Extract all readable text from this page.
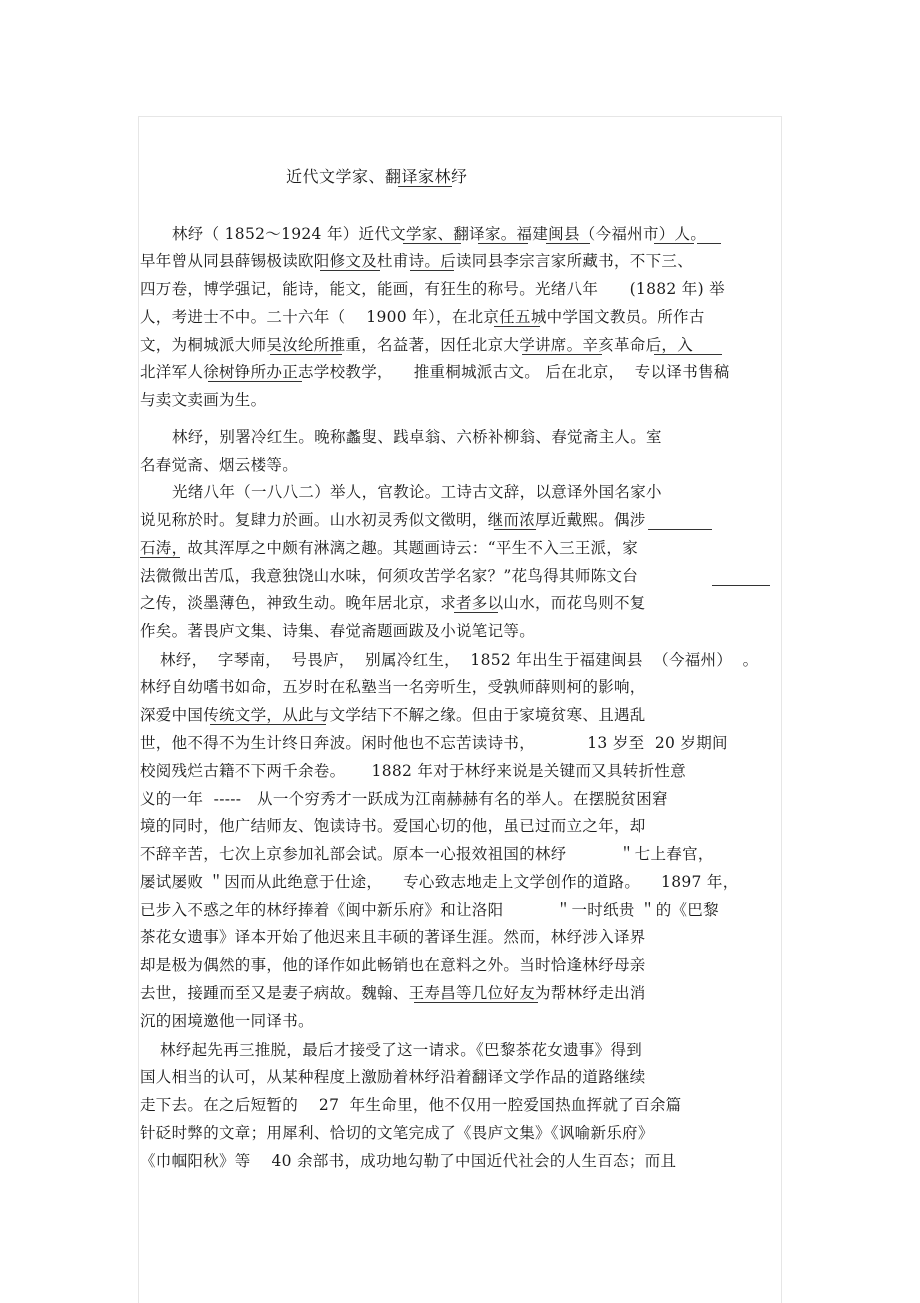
近代文学家、翻译家林纾
林纾（ 1852～1924 年）近代文学家、翻译家。福建闽县（今福州市）人。
早年曾从同县薛锡极读欧阳修文及杜甫诗。后读同县李宗言家所藏书，不下三、
四万卷，博学强记，能诗，能文，能画，有狂生的称号。光绪八年      (1882 年) 举
人，考进士不中。二十六年（    1900 年），在北京任五城中学国文教员。所作古
文，为桐城派大师吴汝纶所推重，名益著，因任北京大学讲席。辛亥革命后，入
北洋军人徐树铮所办正志学校教学，    推重桐城派古文。 后在北京，  专以译书售稿
与卖文卖画为生。
林纾，别署冷红生。晚称蠡叟、践卓翁、六桥补柳翁、春觉斋主人。室
名春觉斋、烟云楼等。
光绪八年（一八八二）举人，官教论。工诗古文辞，以意译外国名家小
说见称於时。复肆力於画。山水初灵秀似文徵明，继而浓厚近戴熙。偶涉
石涛，故其浑厚之中颇有淋漓之趣。其题画诗云：“平生不入三王派，家
法微微出苦瓜，我意独饶山水味，何须攻苦学名家？”花鸟得其师陈文台
之传，淡墨薄色，神致生动。晚年居北京，求者多以山水，而花鸟则不复
作矣。著畏庐文集、诗集、春觉斋题画跋及小说笔记等。
林纾，  字琴南，  号畏庐，  别属冷红生，  1852 年出生于福建闽县  （今福州）  。
林纾自幼嗜书如命，五岁时在私塾当一名旁听生，受孰师薛则柯的影响，
深爱中国传统文学，从此与文学结下不解之缘。但由于家境贫寒、且遇乱
世，他不得不为生计终日奔波。闲时他也不忘苦读诗书，          13 岁至  20 岁期间
校阅残烂古籍不下两千余卷。     1882 年对于林纾来说是关键而又具转折性意
义的一年  -----   从一个穷秀才一跃成为江南赫赫有名的举人。在摆脱贫困窘
境的同时，他广结师友、饱读诗书。爱国心切的他，虽已过而立之年，却
不辞辛苦，七次上京参加礼部会试。原本一心报效祖国的林纾          ＂七上春官，
屡试屡败 ＂因而从此绝意于仕途，    专心致志地走上文学创作的道路。    1897 年，
已步入不惑之年的林纾捧着《闽中新乐府》和让洛阳          ＂一时纸贵 ＂的《巴黎
茶花女遗事》译本开始了他迟来且丰硕的著译生涯。然而，林纾涉入译界
却是极为偶然的事，他的译作如此畅销也在意料之外。当时恰逢林纾母亲
去世，接踵而至又是妻子病故。魏翰、王寿昌等几位好友为帮林纾走出消
沉的困境邀他一同译书。
林纾起先再三推脱，最后才接受了这一请求。《巴黎茶花女遗事》得到
国人相当的认可，从某种程度上激励着林纾沿着翻译文学作品的道路继续
走下去。在之后短暂的    27  年生命里，他不仅用一腔爱国热血挥就了百余篇
针砭时弊的文章；用犀利、恰切的文笔完成了《畏庐文集》《讽喻新乐府》
《巾帼阳秋》等    40 余部书，成功地勾勒了中国近代社会的人生百态；而且
